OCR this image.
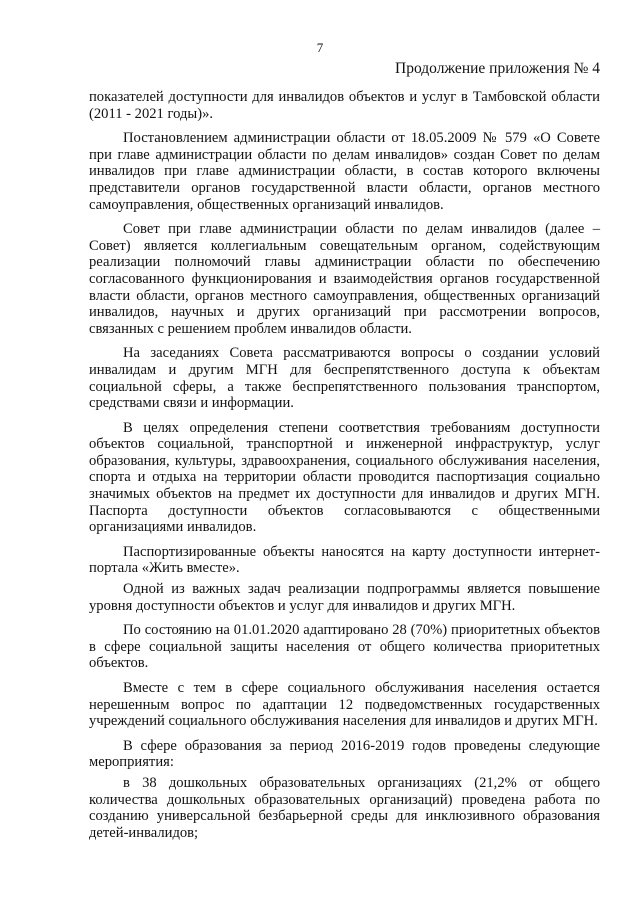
7
Продолжение приложения № 4

показателей доступности для инвалидов объектов и услуг в Тамбовской области (2011 - 2021 годы)».

Постановлением администрации области от 18.05.2009 № 579 «О Совете при главе администрации области по делам инвалидов» создан Совет по делам инвалидов при главе администрации области, в состав которого включены представители органов государственной власти области, органов местного самоуправления, общественных организаций инвалидов.

Совет при главе администрации области по делам инвалидов (далее – Совет) является коллегиальным совещательным органом, содействующим реализации полномочий главы администрации области по обеспечению согласованного функционирования и взаимодействия органов государственной власти области, органов местного самоуправления, общественных организаций инвалидов, научных и других организаций при рассмотрении вопросов, связанных с решением проблем инвалидов области.

На заседаниях Совета рассматриваются вопросы о создании условий инвалидам и другим МГН для беспрепятственного доступа к объектам социальной сферы, а также беспрепятственного пользования транспортом, средствами связи и информации.

В целях определения степени соответствия требованиям доступности объектов социальной, транспортной и инженерной инфраструктур, услуг образования, культуры, здравоохранения, социального обслуживания населения, спорта и отдыха на территории области проводится паспортизация социально значимых объектов на предмет их доступности для инвалидов и других МГН. Паспорта доступности объектов согласовываются с общественными организациями инвалидов.

Паспортизированные объекты наносятся на карту доступности интернет-портала «Жить вместе».

Одной из важных задач реализации подпрограммы является повышение уровня доступности объектов и услуг для инвалидов и других МГН.

По состоянию на 01.01.2020 адаптировано 28 (70%) приоритетных объектов в сфере социальной защиты населения от общего количества приоритетных объектов.

Вместе с тем в сфере социального обслуживания населения остается нерешенным вопрос по адаптации 12 подведомственных государственных учреждений социального обслуживания населения для инвалидов и других МГН.

В сфере образования за период 2016-2019 годов проведены следующие мероприятия:

в 38 дошкольных образовательных организациях (21,2% от общего количества дошкольных образовательных организаций) проведена работа по созданию универсальной безбарьерной среды для инклюзивного образования детей-инвалидов;
